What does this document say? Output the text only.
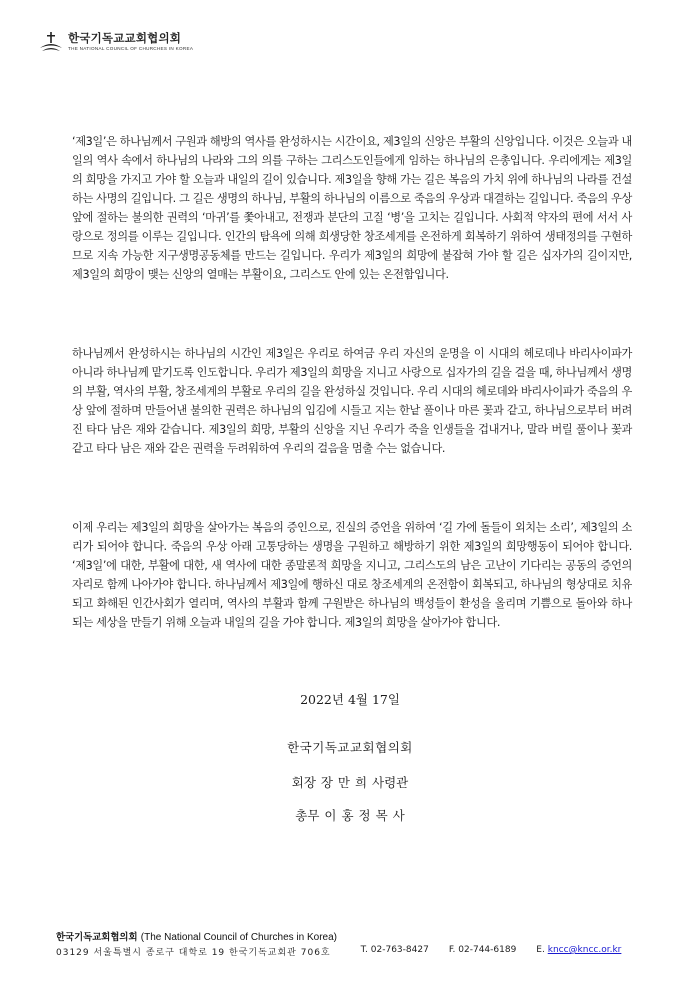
한국기독교교회협의회
THE NATIONAL COUNCIL OF CHURCHES IN KOREA

‘제3일’은 하나님께서 구원과 해방의 역사를 완성하시는 시간이요, 제3일의 신앙은 부활의 신앙입니다. 이것은 오늘과 내일의 역사 속에서 하나님의 나라와 그의 의를 구하는 그리스도인들에게 임하는 하나님의 은총입니다. 우리에게는 제3일의 희망을 가지고 가야 할 오늘과 내일의 길이 있습니다. 제3일을 향해 가는 길은 복음의 가치 위에 하나님의 나라를 건설하는 사명의 길입니다. 그 길은 생명의 하나님, 부활의 하나님의 이름으로 죽음의 우상과 대결하는 길입니다. 죽음의 우상 앞에 절하는 불의한 권력의 ‘마귀’를 쫓아내고, 전쟁과 분단의 고질 ‘병’을 고치는 길입니다. 사회적 약자의 편에 서서 사랑으로 정의를 이루는 길입니다. 인간의 탐욕에 의해 희생당한 창조세계를 온전하게 회복하기 위하여 생태정의를 구현하므로 지속 가능한 지구생명공동체를 만드는 길입니다. 우리가 제3일의 희망에 붙잡혀 가야 할 길은 십자가의 길이지만, 제3일의 희망이 맺는 신앙의 열매는 부활이요, 그리스도 안에 있는 온전함입니다.

하나님께서 완성하시는 하나님의 시간인 제3일은 우리로 하여금 우리 자신의 운명을 이 시대의 헤로데나 바리사이파가 아니라 하나님께 맡기도록 인도합니다. 우리가 제3일의 희망을 지니고 사랑으로 십자가의 길을 걸을 때, 하나님께서 생명의 부활, 역사의 부활, 창조세계의 부활로 우리의 길을 완성하실 것입니다. 우리 시대의 헤로데와 바리사이파가 죽음의 우상 앞에 절하며 만들어낸 불의한 권력은 하나님의 입김에 시들고 지는 한낱 풀이나 마른 꽃과 같고, 하나님으로부터 버려진 타다 남은 재와 같습니다. 제3일의 희망, 부활의 신앙을 지닌 우리가 죽을 인생들을 겁내거나, 말라 버릴 풀이나 꽃과 같고 타다 남은 재와 같은 권력을 두려워하여 우리의 걸음을 멈출 수는 없습니다.

이제 우리는 제3일의 희망을 살아가는 복음의 증인으로, 진실의 증언을 위하여 ‘길 가에 돌들이 외치는 소리’, 제3일의 소리가 되어야 합니다. 죽음의 우상 아래 고통당하는 생명을 구원하고 해방하기 위한 제3일의 희망행동이 되어야 합니다. ‘제3일’에 대한, 부활에 대한, 새 역사에 대한 종말론적 희망을 지니고, 그리스도의 남은 고난이 기다리는 공동의 증언의 자리로 함께 나아가야 합니다. 하나님께서 제3일에 행하신 대로 창조세계의 온전함이 회복되고, 하나님의 형상대로 치유되고 화해된 인간사회가 열리며, 역사의 부활과 함께 구원받은 하나님의 백성들이 환성을 올리며 기쁨으로 돌아와 하나 되는 세상을 만들기 위해 오늘과 내일의 길을 가야 합니다. 제3일의 희망을 살아가야 합니다.

2022년 4월 17일
한국기독교교회협의회
회장 장 만 희 사령관
총무 이 홍 정 목 사
한국기독교회협의회 (The National Council of Churches in Korea)
03129 서울특별시 종로구 대학로 19 한국기독교회관 706호	T. 02-763-8427 F. 02-744-6189 E. kncc@kncc.or.kr
